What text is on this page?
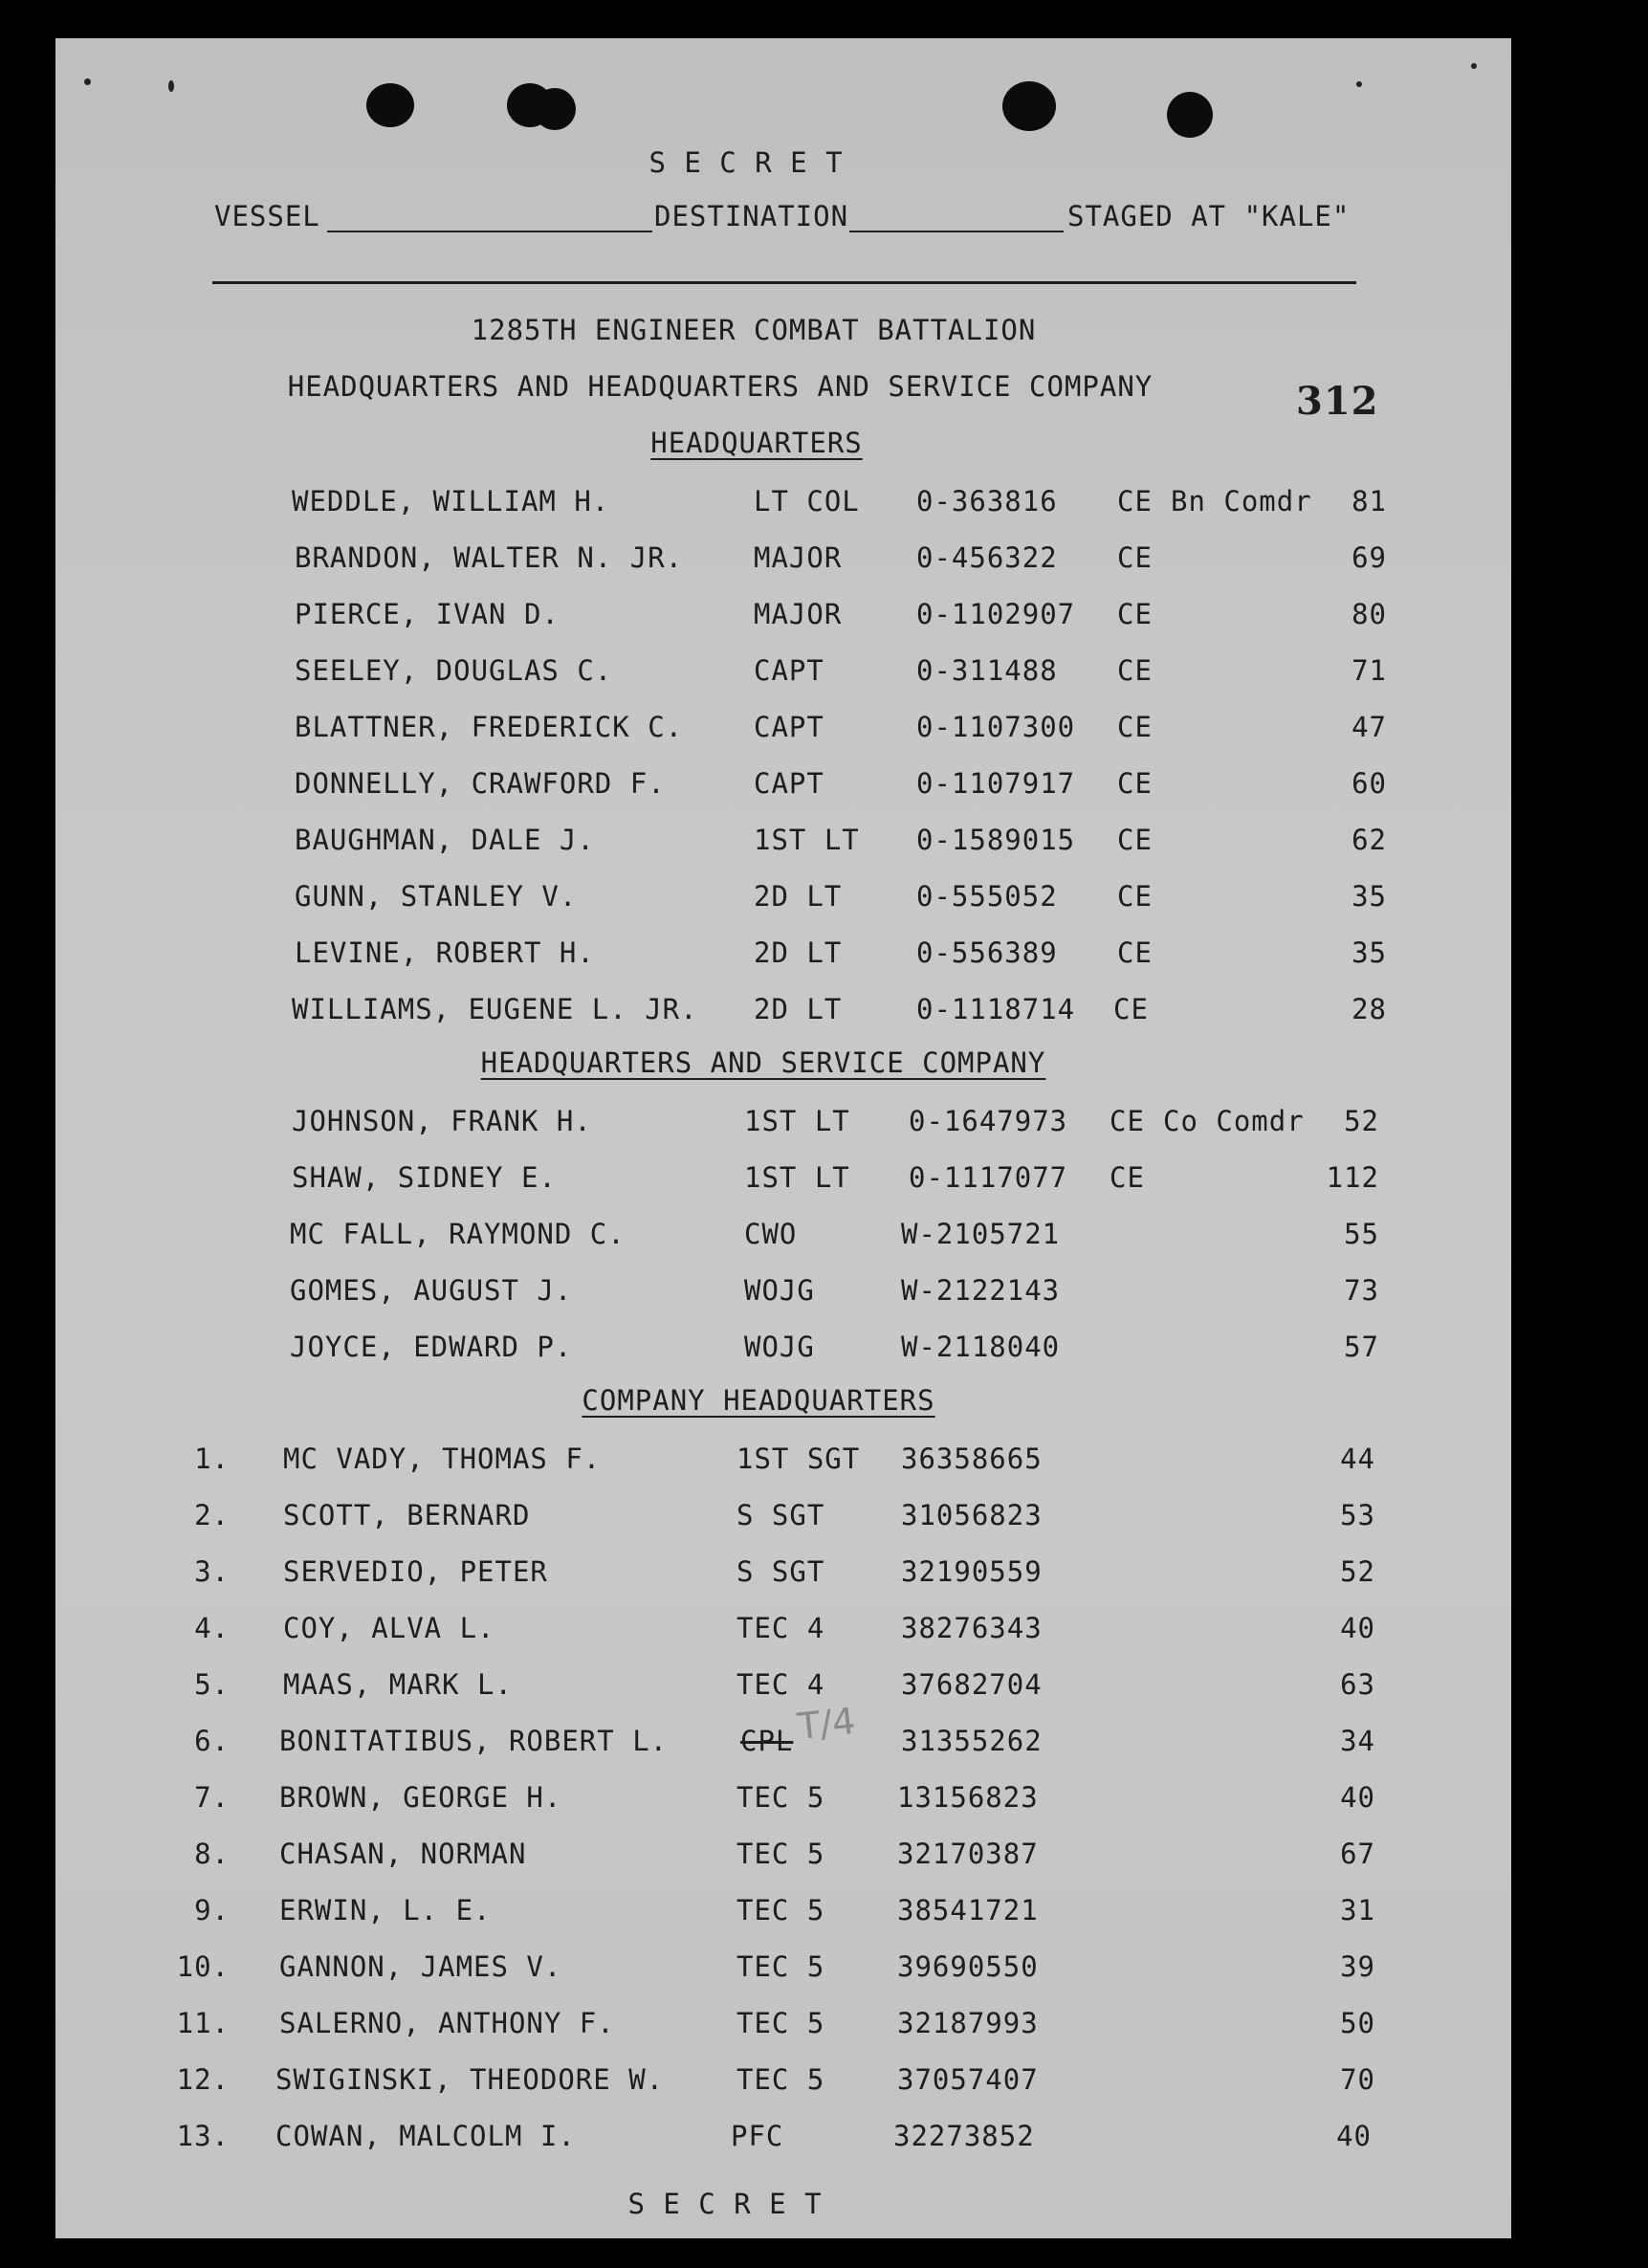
S E C R E T
VESSEL	DESTINATION	STAGED AT "KALE"
1285TH ENGINEER COMBAT BATTALION
HEADQUARTERS AND HEADQUARTERS AND SERVICE COMPANY	312
HEADQUARTERS
HEADQUARTERS AND SERVICE COMPANY
COMPANY HEADQUARTERS
WEDDLE, WILLIAM H.	LT COL 0-363816 CE Bn Comdr 81
BRANDON, WALTER N. JR.	MAJOR	0-456322 CE	69
PIERCE, IVAN D.	MAJOR	0-1102907 CE	80
SEELEY, DOUGLAS C.	CAPT	0-311488 CE	71
BLATTNER, FREDERICK C.	CAPT	0-1107300 CE	47
DONNELLY, CRAWFORD F.	CAPT	0-1107917 CE	60
BAUGHMAN, DALE J.	1ST LT 0-1589015 CE	62
GUNN, STANLEY V.	2D LT	0-555052 CE	35
LEVINE, ROBERT H.	2D LT	0-556389 CE	35
WILLIAMS, EUGENE L. JR. 2D LT	0-1118714 CE	28
JOHNSON, FRANK H.	1ST LT 0-1647973 CE Co Comdr 52
SHAW, SIDNEY E.	1ST LT 0-1117077 CE	112
MC FALL, RAYMOND C.	CWO	W-2105721	55
GOMES, AUGUST J.	WOJG	W-2122143	73
JOYCE, EDWARD P.	WOJG	W-2118040	57
1. MC VADY, THOMAS F.	1ST SGT 36358665	44
2. SCOTT, BERNARD	S SGT	31056823	53
3. SERVEDIO, PETER	S SGT	32190559	52
4. COY, ALVA L.	TEC 4	38276343	40
5. MAAS, MARK L.	TEC 4	37682704	63
6. BONITATIBUS, ROBERT L.	CPL T/4 31355262	34
7. BROWN, GEORGE H.	TEC 5	13156823	40
8. CHASAN, NORMAN	TEC 5	32170387	67
9. ERWIN, L. E.	TEC 5	38541721	31
10. GANNON, JAMES V.	TEC 5	39690550	39
11. SALERNO, ANTHONY F.	TEC 5	32187993	50
12. SWIGINSKI, THEODORE W.	TEC 5	37057407	70
13. COWAN, MALCOLM I.	PFC	32273852	40
S E C R E T
